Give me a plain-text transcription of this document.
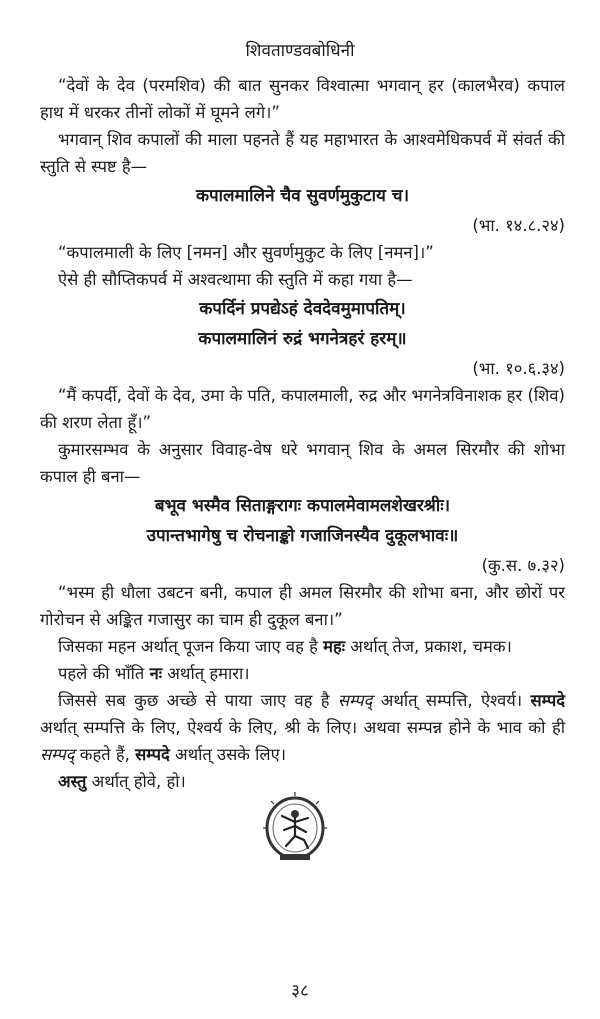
शिवताण्डवबोधिनी

“देवों के देव (परमशिव) की बात सुनकर विश्वात्मा भगवान् हर (कालभैरव) कपाल हाथ में धरकर तीनों लोकों में घूमने लगे।”

भगवान् शिव कपालों की माला पहनते हैं यह महाभारत के आश्वमेधिकपर्व में संवर्त की स्तुति से स्पष्ट है—

कपालमालिने चैव सुवर्णमुकुटाय च।

(भा. १४.८.२४)

“कपालमाली के लिए [नमन] और सुवर्णमुकुट के लिए [नमन]।”

ऐसे ही सौप्तिकपर्व में अश्वत्थामा की स्तुति में कहा गया है—

कपर्दिनं प्रपद्येऽहं देवदेवमुमापतिम्।

कपालमालिनं रुद्रं भगनेत्रहरं हरम्॥

(भा. १०.६.३४)

“मैं कपर्दी, देवों के देव, उमा के पति, कपालमाली, रुद्र और भगनेत्रविनाशक हर (शिव) की शरण लेता हूँ।”

कुमारसम्भव के अनुसार विवाह-वेष धरे भगवान् शिव के अमल सिरमौर की शोभा कपाल ही बना—

बभूव भस्मैव सिताङ्गरागः कपालमेवामलशेखरश्रीः।

उपान्तभागेषु च रोचनाङ्को गजाजिनस्यैव दुकूलभावः॥

(कु.स. ७.३२)

“भस्म ही धौला उबटन बनी, कपाल ही अमल सिरमौर की शोभा बना, और छोरों पर गोरोचन से अङ्कित गजासुर का चाम ही दुकूल बना।”

जिसका महन अर्थात् पूजन किया जाए वह है महः अर्थात् तेज, प्रकाश, चमक।

पहले की भाँति नः अर्थात् हमारा।

जिससे सब कुछ अच्छे से पाया जाए वह है सम्पद् अर्थात् सम्पत्ति, ऐश्वर्य। सम्पदे अर्थात् सम्पत्ति के लिए, ऐश्वर्य के लिए, श्री के लिए। अथवा सम्पन्न होने के भाव को ही सम्पद् कहते हैं, सम्पदे अर्थात् उसके लिए।

अस्तु अर्थात् होवे, हो।

३८
